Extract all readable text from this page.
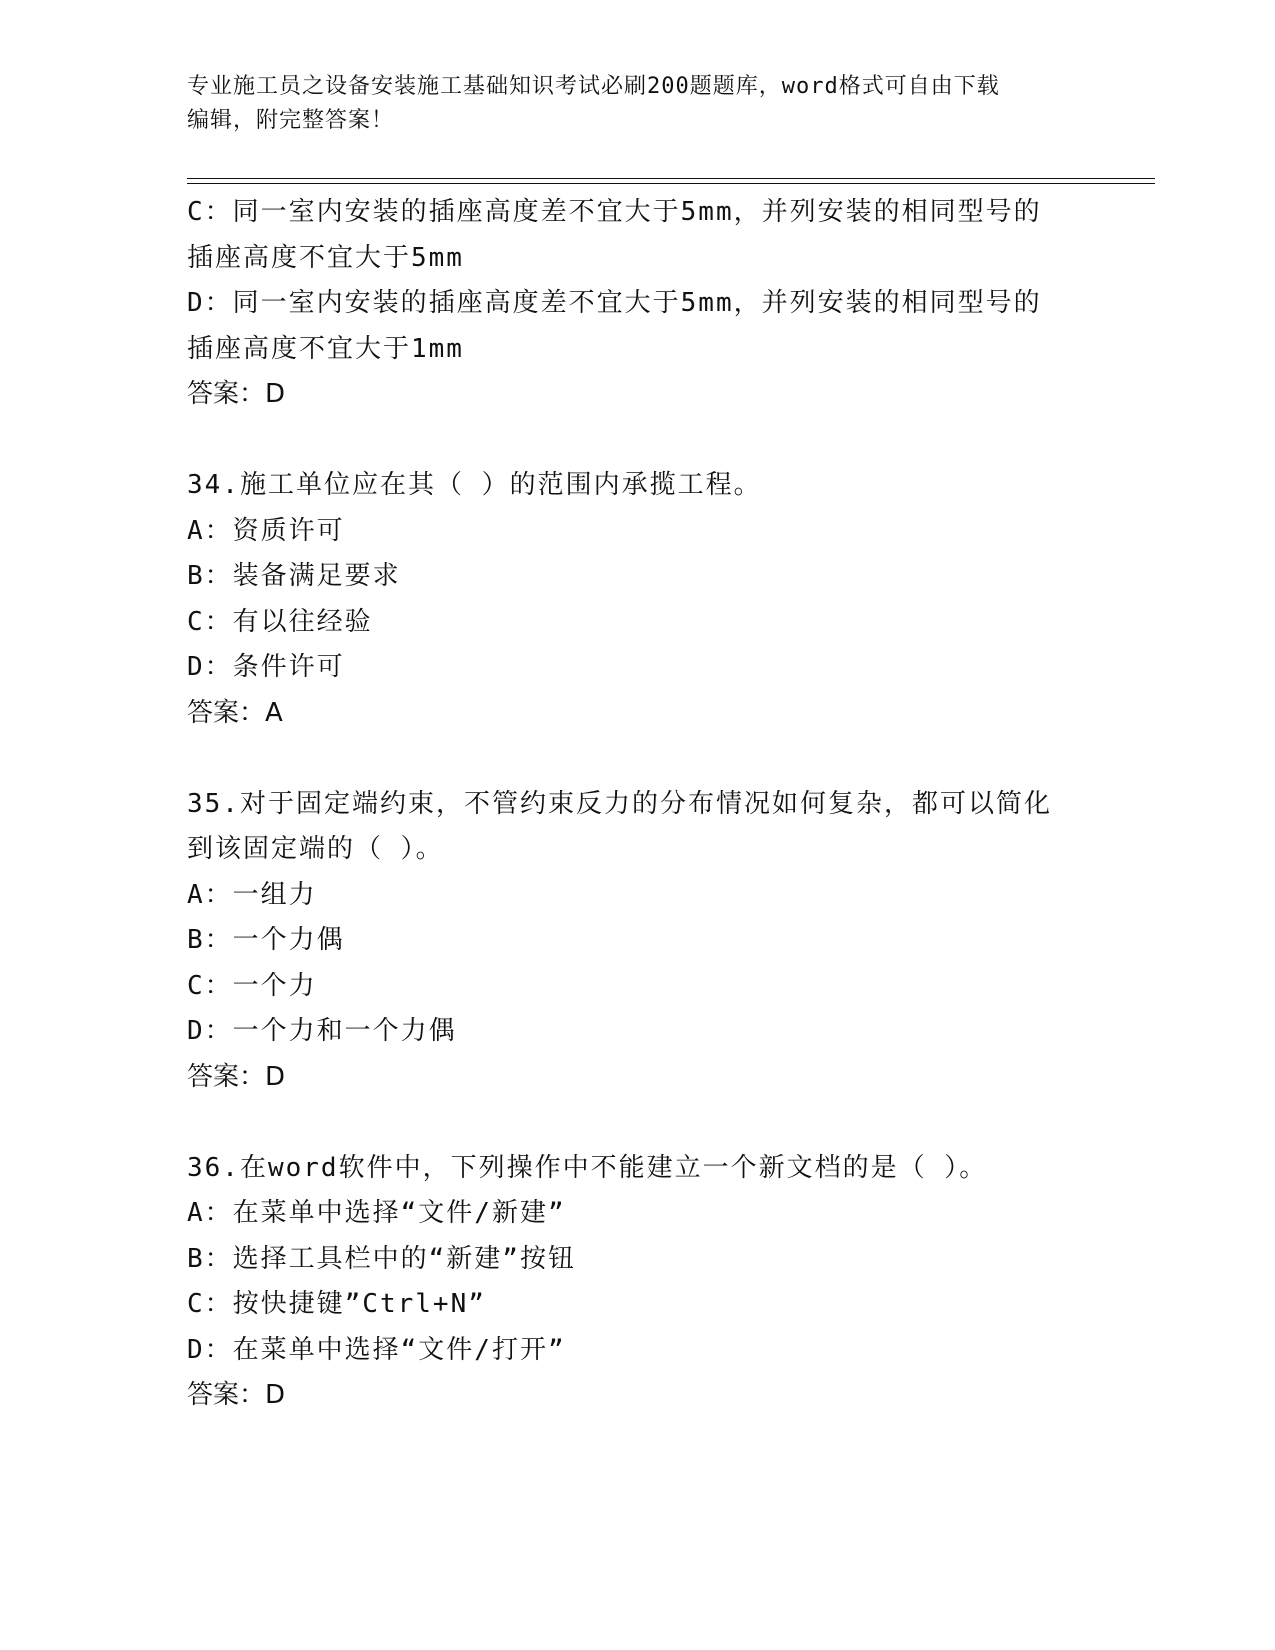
专业施工员之设备安装施工基础知识考试必刷200题题库，word格式可自由下载

编辑，附完整答案！

C：同一室内安装的插座高度差不宜大于5mm，并列安装的相同型号的

插座高度不宜大于5mm

D：同一室内安装的插座高度差不宜大于5mm，并列安装的相同型号的

插座高度不宜大于1mm

答案：D

34.施工单位应在其（ ）的范围内承揽工程。

A：资质许可

B：装备满足要求

C：有以往经验

D：条件许可

答案：A

35.对于固定端约束，不管约束反力的分布情况如何复杂，都可以简化

到该固定端的（ ）。

A：一组力

B：一个力偶

C：一个力

D：一个力和一个力偶

答案：D

36.在word软件中，下列操作中不能建立一个新文档的是（ ）。

A：在菜单中选择“文件/新建”

B：选择工具栏中的“新建”按钮

C：按快捷键”Ctrl+N”

D：在菜单中选择“文件/打开”

答案：D
